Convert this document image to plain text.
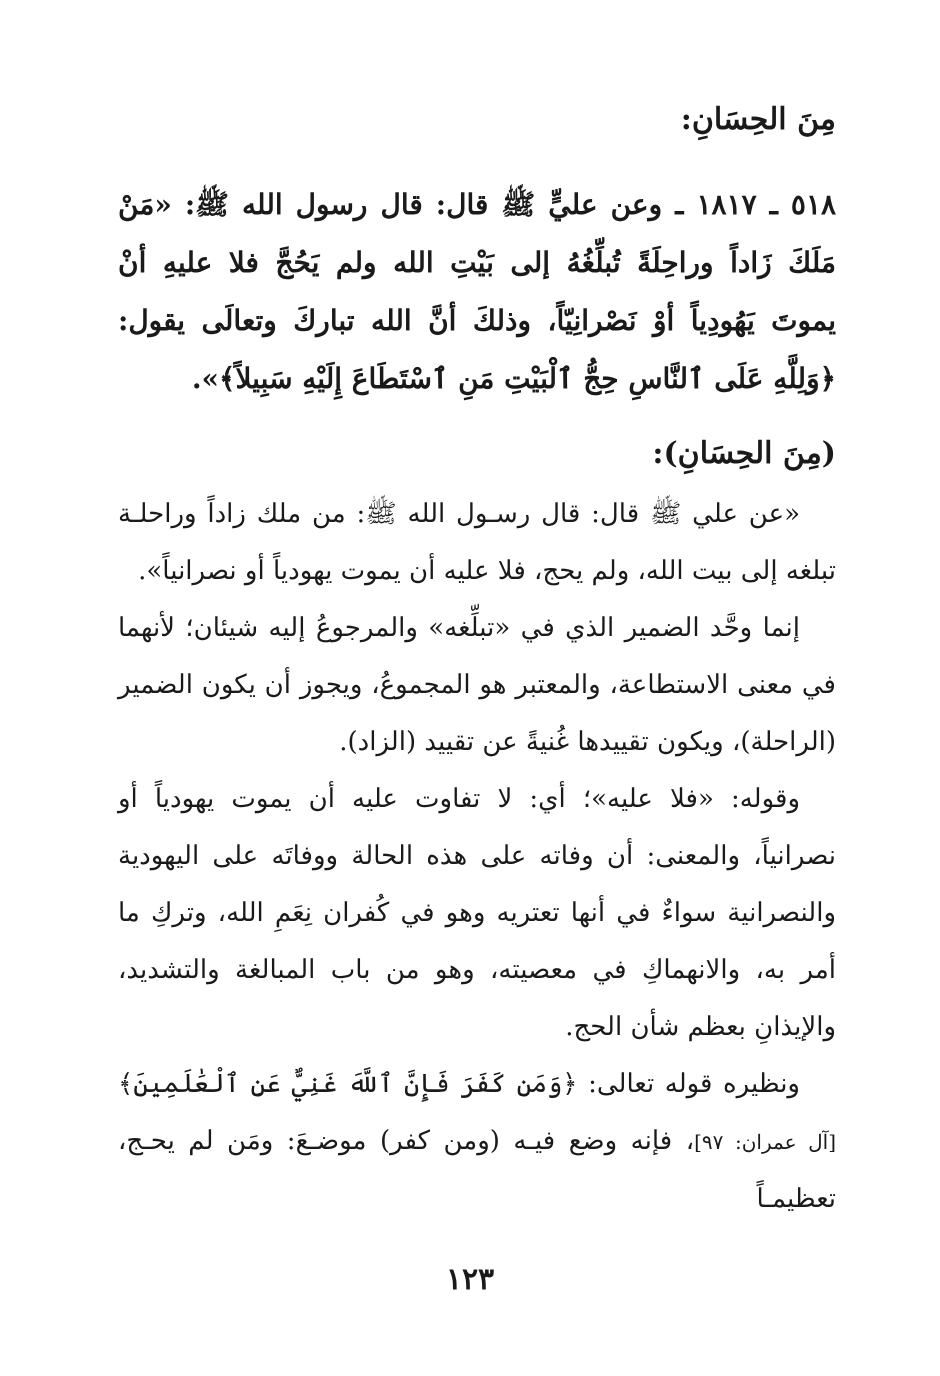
مِنَ الحِسَانِ:

٥١٨ ـ ١٨١٧ ـ وعن عليٍّ ﷺ قال: قال رسول الله ﷺ: «مَنْ مَلَكَ زَاداً وراحِلَةً تُبلِّغُهُ إلى بَيْتِ الله ولم يَحُجَّ فلا عليهِ أنْ يموتَ يَهُودِياً أوْ نَصْرانِيّاً، وذلكَ أنَّ الله تباركَ وتعالَى يقول: ﴿وَلِلَّهِ عَلَى ٱلنَّاسِ حِجُّ ٱلْبَيْتِ مَنِ ٱسْتَطَاعَ إِلَيْهِ سَبِيلاً﴾».

(مِنَ الحِسَانِ):

«عن علي ﷺ قال: قال رسـول الله ﷺ: من ملك زاداً وراحلـة تبلغه إلى بيت الله، ولم يحج، فلا عليه أن يموت يهودياً أو نصرانياً».

إنما وحَّد الضمير الذي في «تبلِّغه» والمرجوعُ إليه شيئان؛ لأنهما في معنى الاستطاعة، والمعتبر هو المجموعُ، ويجوز أن يكون الضمير (الراحلة)، ويكون تقييدها غُنيةً عن تقييد (الزاد).

وقوله: «فلا عليه»؛ أي: لا تفاوت عليه أن يموت يهودياً أو نصرانياً، والمعنى: أن وفاته على هذه الحالة ووفاتَه على اليهودية والنصرانية سواءٌ في أنها تعتريه وهو في كُفران نِعَمِ الله، وتركِ ما أمر به، والانهماكِ في معصيته، وهو من باب المبالغة والتشديد، والإيذانِ بعظم شأن الحج.

ونظيره قوله تعالى: ﴿وَمَن كَفَرَ فَإِنَّ ٱللَّهَ غَنِيٌّ عَنِ ٱلْعَٰلَمِينَ﴾[آل عمران: ٩٧]، فإنه وضع فيـه (ومن كفر) موضـعَ: ومَن لم يحـج، تعظيمـاً

١٢٣
